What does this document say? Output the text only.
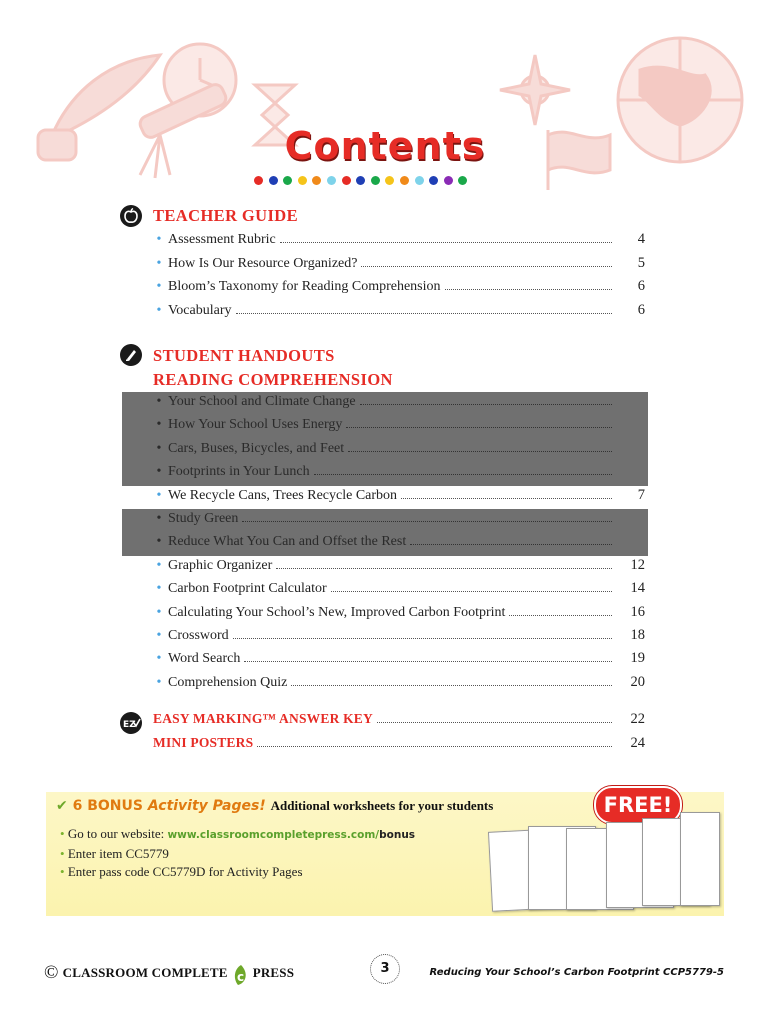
Contents
TEACHER GUIDE
• Assessment Rubric	4
• How Is Our Resource Organized?	5
• Bloom’s Taxonomy for Reading Comprehension	6
• Vocabulary	6
STUDENT HANDOUTS
READING COMPREHENSION
• Your School and Climate Change
• How Your School Uses Energy
• Cars, Buses, Bicycles, and Feet
• Footprints in Your Lunch
• We Recycle Cans, Trees Recycle Carbon	7
• Study Green
• Reduce What You Can and Offset the Rest
• Graphic Organizer	12
• Carbon Footprint Calculator	14
• Calculating Your School’s New, Improved Carbon Footprint	16
• Crossword	18
• Word Search	19
• Comprehension Quiz	20
EZ EASY MARKING™ ANSWER KEY	22
MINI POSTERS	24
✔ 6 BONUS Activity Pages! Additional worksheets for your students	FREE!
• Go to our website: www.classroomcompletepress.com/bonus
• Enter item CC5779
• Enter pass code CC5779D for Activity Pages
© CLASSROOM COMPLETE c PRESS	3	Reducing Your School’s Carbon Footprint CCP5779-5
